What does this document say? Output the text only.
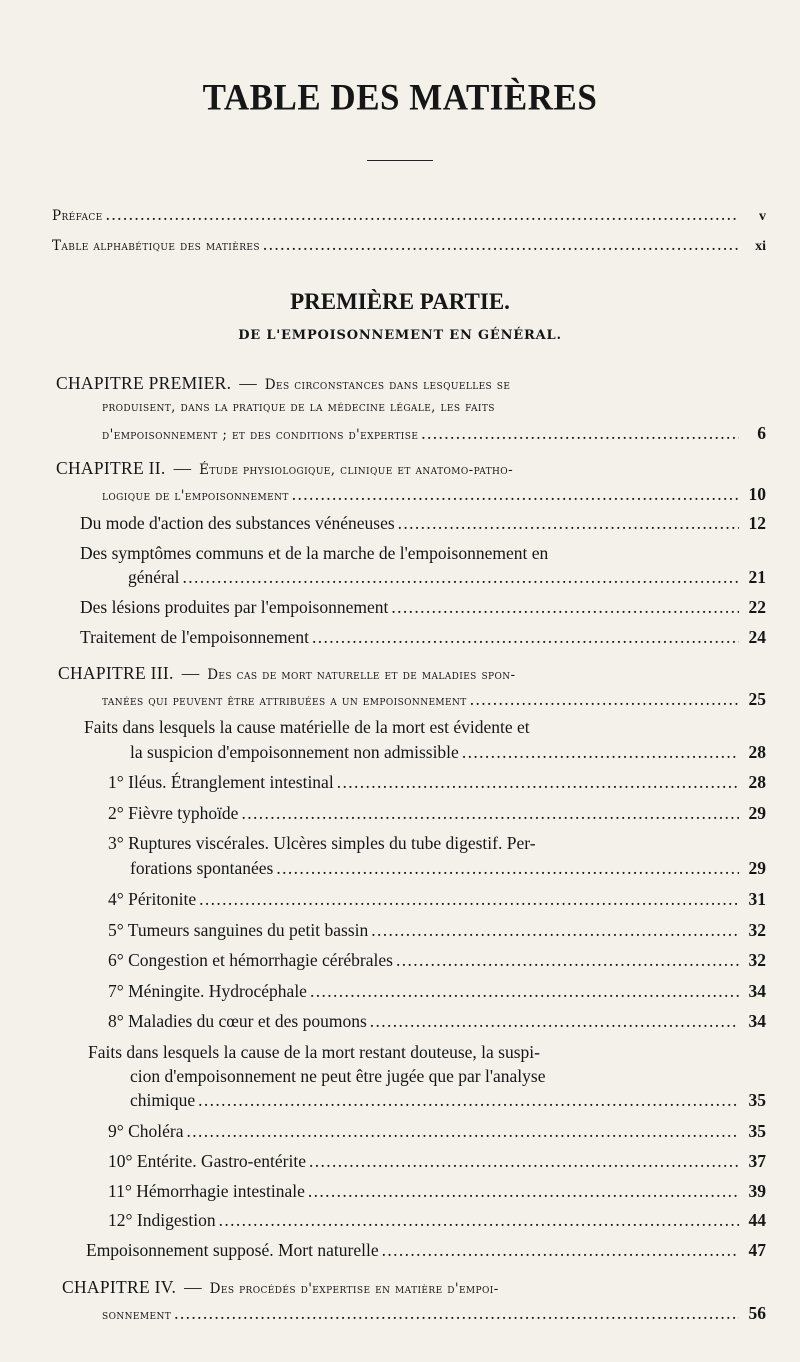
TABLE DES MATIÈRES
Préface . . .	v
Table alphabétique des matières . . .	xi
PREMIÈRE PARTIE.
DE L'EMPOISONNEMENT EN GÉNÉRAL.
CHAPITRE PREMIER. — Des circonstances dans lesquelles se
produisent, dans la pratique de la médecine légale, les faits
d'empoisonnement ; et des conditions d'expertise . . .	6
CHAPITRE II. — Étude physiologique, clinique et anatomo-patho-
logique de l'empoisonnement . . .	10
Du mode d'action des substances vénéneuses . . .	12
Des symptômes communs et de la marche de l'empoisonnement en
général . . .	21
Des lésions produites par l'empoisonnement . . .	22
Traitement de l'empoisonnement . . .	24
CHAPITRE III. — Des cas de mort naturelle et de maladies spon-
tanées qui peuvent être attribuées a un empoisonnement . . .	25
Faits dans lesquels la cause matérielle de la mort est évidente et
la suspicion d'empoisonnement non admissible . . .	28
1° Iléus. Étranglement intestinal . . .	28
2° Fièvre typhoïde . . .	29
3° Ruptures viscérales. Ulcères simples du tube digestif. Per-
forations spontanées . . .	29
4° Péritonite . . .	31
5° Tumeurs sanguines du petit bassin . . .	32
6° Congestion et hémorrhagie cérébrales . . .	32
7° Méningite. Hydrocéphale . . .	34
8° Maladies du cœur et des poumons . . .	34
Faits dans lesquels la cause de la mort restant douteuse, la suspi-
cion d'empoisonnement ne peut être jugée que par l'analyse
chimique . . .	35
9° Choléra . . .	35
10° Entérite. Gastro-entérite . . .	37
11° Hémorrhagie intestinale . . .	39
12° Indigestion . . .	44
Empoisonnement supposé. Mort naturelle . . .	47
CHAPITRE IV. — Des procédés d'expertise en matière d'empoi-
sonnement . . .	56
